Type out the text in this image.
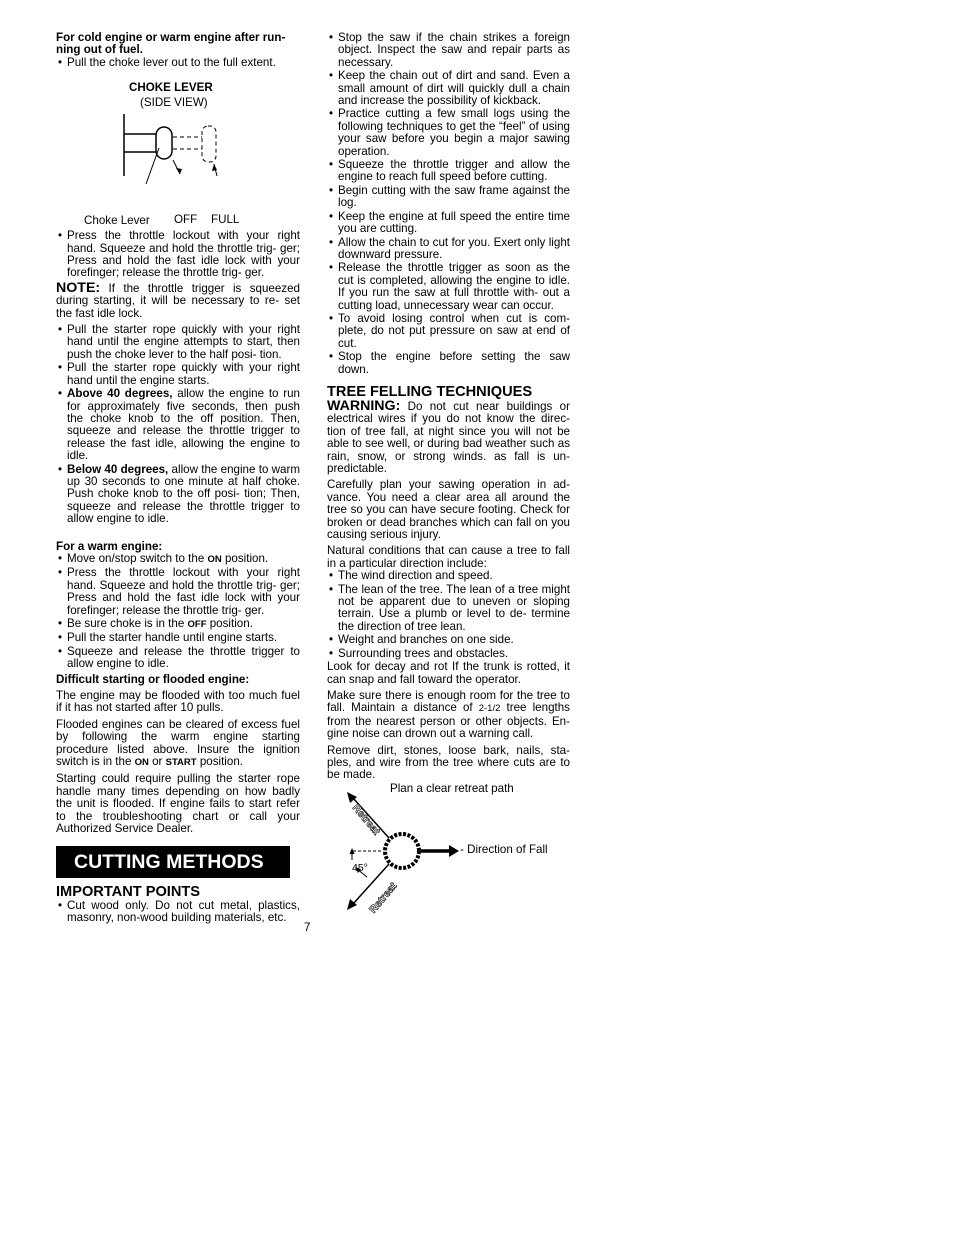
For cold engine or warm engine after run- ning out of fuel.

• Pull the choke lever out to the full extent.
CHOKE LEVER
(SIDE VIEW)
Choke Lever OFF FULL
• Press the throttle lockout with your right hand. Squeeze and hold the throttle trig- ger; Press and hold the fast idle lock with your forefinger; release the throttle trig- ger.

NOTE: If the throttle trigger is squeezed during starting, it will be necessary to re- set the fast idle lock.

• Pull the starter rope quickly with your right hand until the engine attempts to start, then push the choke lever to the half posi- tion.
• Pull the starter rope quickly with your right hand until the engine starts.
• Above 40 degrees, allow the engine to run for approximately five seconds, then push the choke knob to the off position. Then, squeeze and release the throttle trigger to release the fast idle, allowing the engine to idle.
• Below 40 degrees, allow the engine to warm up 30 seconds to one minute at half choke. Push choke knob to the off posi- tion; Then, squeeze and release the throttle trigger to allow engine to idle.

For a warm engine:

• Move on/stop switch to the ON position.
• Press the throttle lockout with your right hand. Squeeze and hold the throttle trig- ger; Press and hold the fast idle lock with your forefinger; release the throttle trig- ger.
• Be sure choke is in the OFF position.
• Pull the starter handle until engine starts.
• Squeeze and release the throttle trigger to allow engine to idle.

Difficult starting or flooded engine:

The engine may be flooded with too much fuel if it has not started after 10 pulls.

Flooded engines can be cleared of excess fuel by following the warm engine starting procedure listed above. Insure the ignition switch is in the ON or START position.

Starting could require pulling the starter rope handle many times depending on how badly the unit is flooded. If engine fails to start refer to the troubleshooting chart or call your Authorized Service Dealer.

CUTTING METHODS

IMPORTANT POINTS

• Cut wood only. Do not cut metal, plastics, masonry, non-wood building materials, etc.
• Stop the saw if the chain strikes a foreign object. Inspect the saw and repair parts as necessary.
• Keep the chain out of dirt and sand. Even a small amount of dirt will quickly dull a chain and increase the possibility of kickback.
• Practice cutting a few small logs using the following techniques to get the “feel” of using your saw before you begin a major sawing operation.
• Squeeze the throttle trigger and allow the engine to reach full speed before cutting.
• Begin cutting with the saw frame against the log.
• Keep the engine at full speed the entire time you are cutting.
• Allow the chain to cut for you. Exert only light downward pressure.
• Release the throttle trigger as soon as the cut is completed, allowing the engine to idle. If you run the saw at full throttle with- out a cutting load, unnecessary wear can occur.
• To avoid losing control when cut is com- plete, do not put pressure on saw at end of cut.
• Stop the engine before setting the saw down.

TREE FELLING TECHNIQUES

WARNING: Do not cut near buildings or electrical wires if you do not know the direc- tion of tree fall, at night since you will not be able to see well, or during bad weather such as rain, snow, or strong winds. as fall is un- predictable.

Carefully plan your sawing operation in ad- vance. You need a clear area all around the tree so you can have secure footing. Check for broken or dead branches which can fall on you causing serious injury.

Natural conditions that can cause a tree to fall in a particular direction include:

• The wind direction and speed.
• The lean of the tree. The lean of a tree might not be apparent due to uneven or sloping terrain. Use a plumb or level to de- termine the direction of tree lean.
• Weight and branches on one side.
• Surrounding trees and obstacles.

Look for decay and rot If the trunk is rotted, it can snap and fall toward the operator.

Make sure there is enough room for the tree to fall. Maintain a distance of 2-1/2 tree lengths from the nearest person or other objects. En- gine noise can drown out a warning call.

Remove dirt, stones, loose bark, nails, sta- ples, and wire from the tree where cuts are to be made.

Plan a clear retreat path
Retreat
Retreat
45°
- Direction of Fall
7
